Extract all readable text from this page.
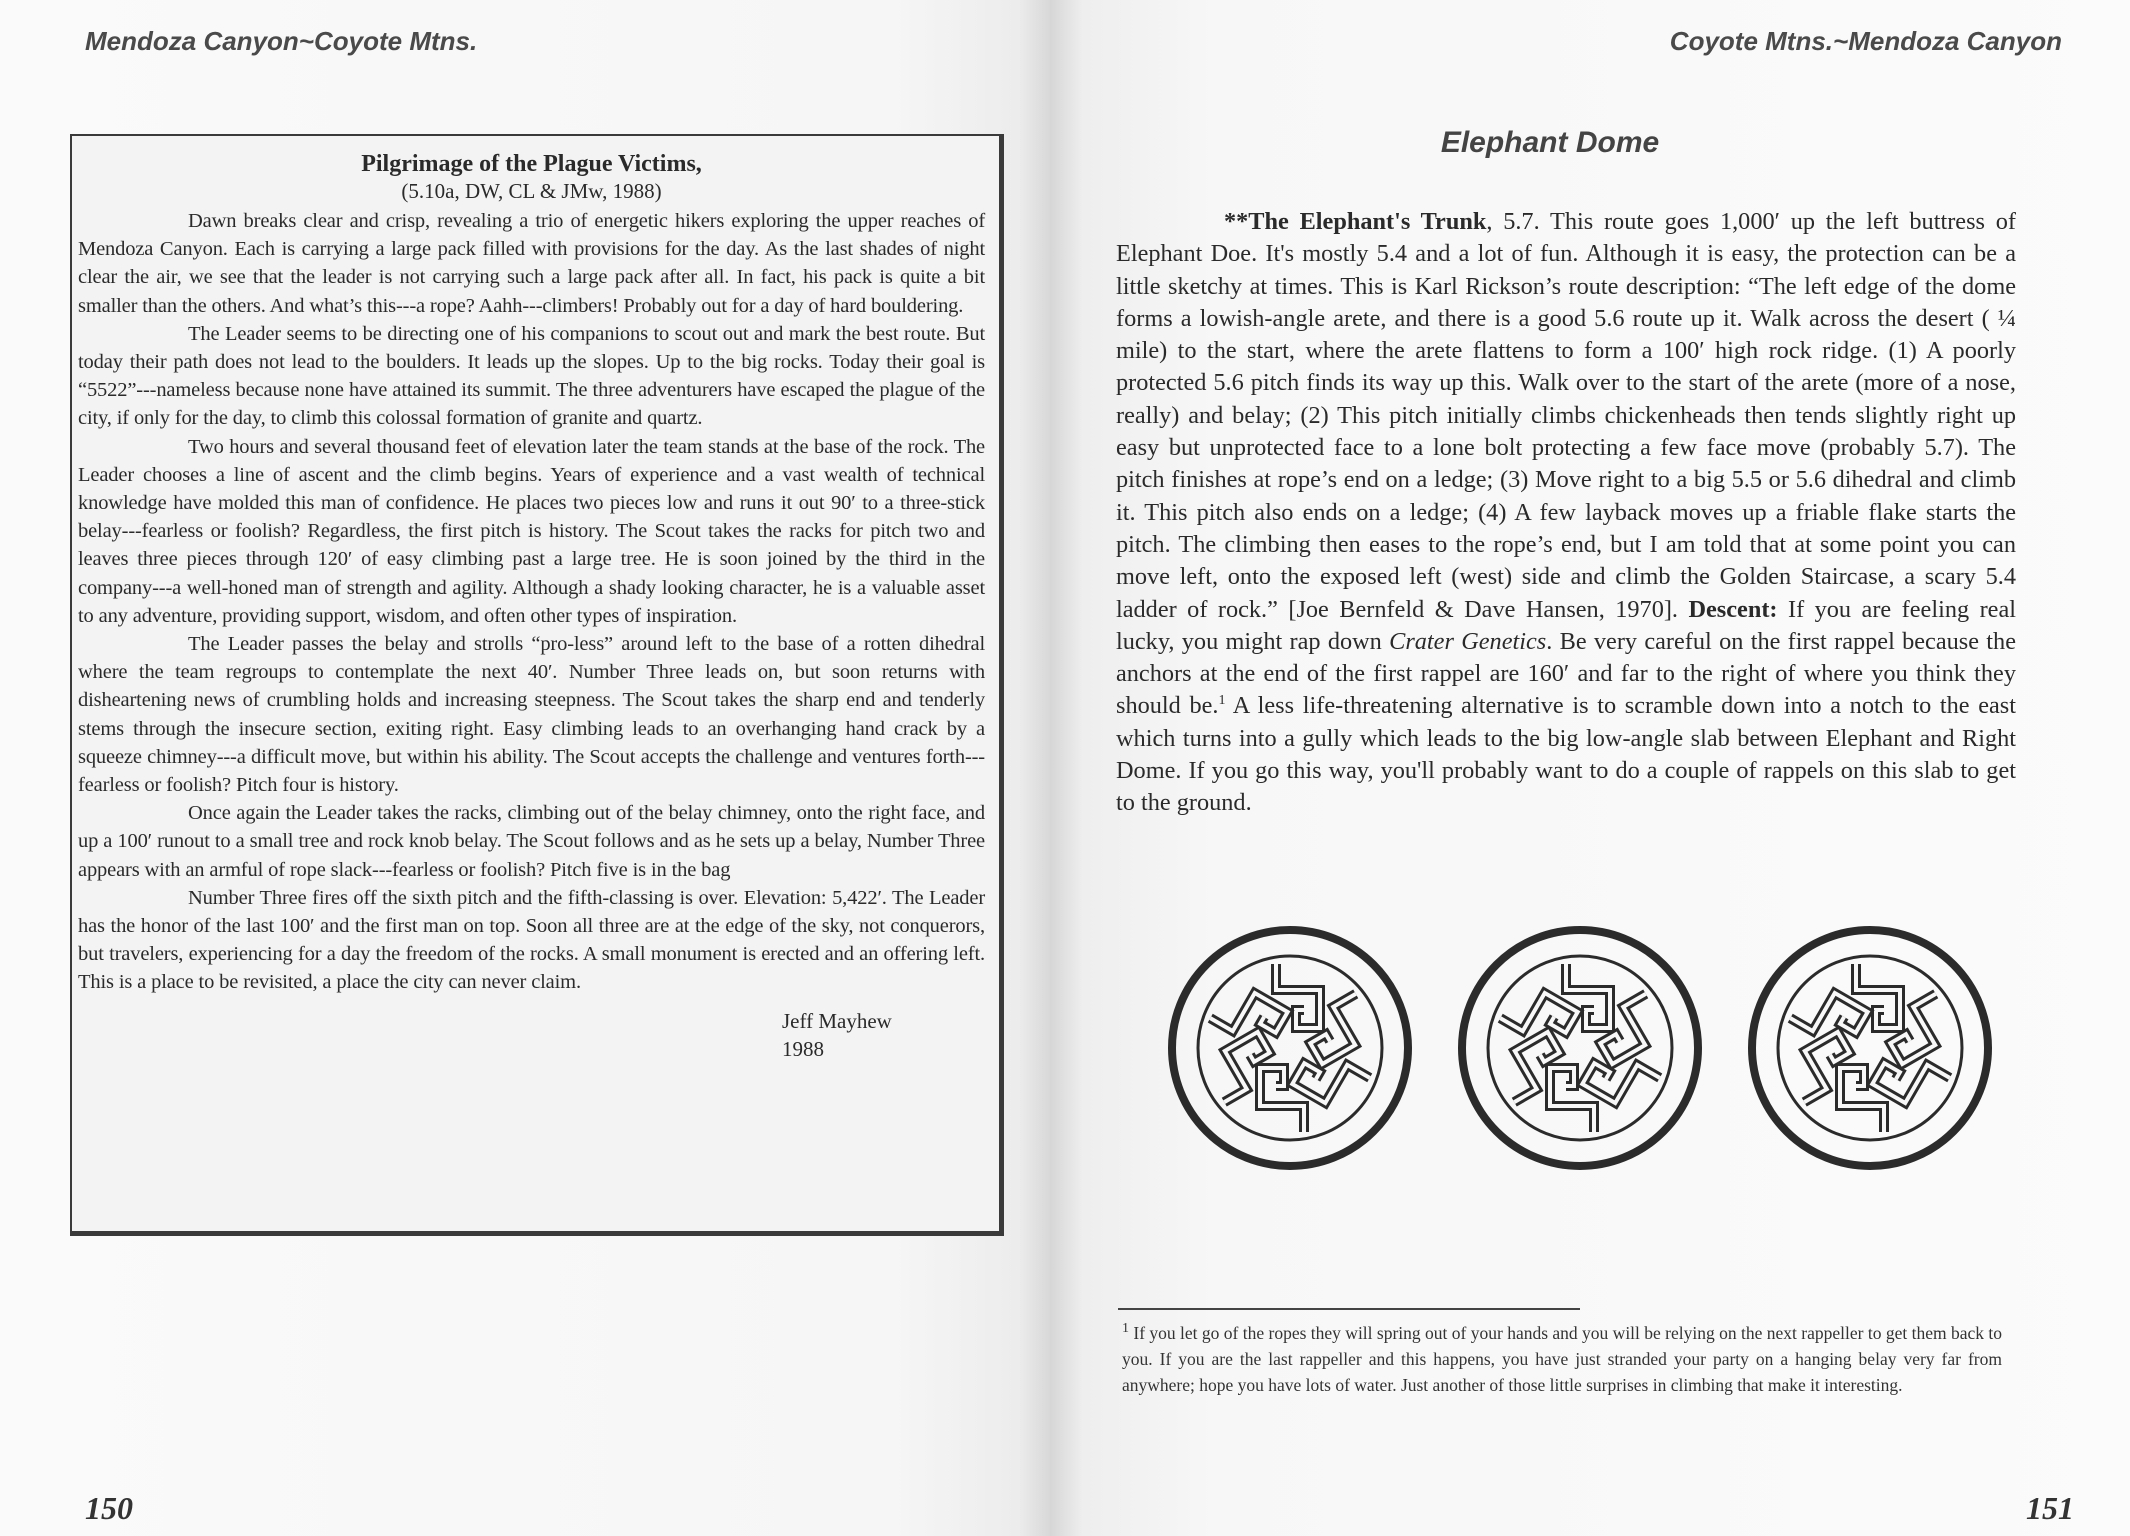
Mendoza Canyon~Coyote Mtns.

Pilgrimage of the Plague Victims,

(5.10a, DW, CL & JMw, 1988)

Dawn breaks clear and crisp, revealing a trio of energetic hikers exploring the upper reaches of Mendoza Canyon. Each is carrying a large pack filled with provisions for the day. As the last shades of night clear the air, we see that the leader is not carrying such a large pack after all. In fact, his pack is quite a bit smaller than the others. And what’s this---a rope? Aahh---climbers! Probably out for a day of hard bouldering.

The Leader seems to be directing one of his companions to scout out and mark the best route. But today their path does not lead to the boulders. It leads up the slopes. Up to the big rocks. Today their goal is “5522”---nameless because none have attained its summit. The three adventurers have escaped the plague of the city, if only for the day, to climb this colossal formation of granite and quartz.

Two hours and several thousand feet of elevation later the team stands at the base of the rock. The Leader chooses a line of ascent and the climb begins. Years of experience and a vast wealth of technical knowledge have molded this man of confidence. He places two pieces low and runs it out 90′ to a three-stick belay---fearless or foolish? Regardless, the first pitch is history. The Scout takes the racks for pitch two and leaves three pieces through 120′ of easy climbing past a large tree. He is soon joined by the third in the company---a well-honed man of strength and agility. Although a shady looking character, he is a valuable asset to any adventure, providing support, wisdom, and often other types of inspiration.

The Leader passes the belay and strolls “pro-less” around left to the base of a rotten dihedral where the team regroups to contemplate the next 40′. Number Three leads on, but soon returns with disheartening news of crumbling holds and increasing steepness. The Scout takes the sharp end and tenderly stems through the insecure section, exiting right. Easy climbing leads to an overhanging hand crack by a squeeze chimney---a difficult move, but within his ability. The Scout accepts the challenge and ventures forth---fearless or foolish? Pitch four is history.

Once again the Leader takes the racks, climbing out of the belay chimney, onto the right face, and up a 100′ runout to a small tree and rock knob belay. The Scout follows and as he sets up a belay, Number Three appears with an armful of rope slack---fearless or foolish? Pitch five is in the bag

Number Three fires off the sixth pitch and the fifth-classing is over. Elevation: 5,422′. The Leader has the honor of the last 100′ and the first man on top. Soon all three are at the edge of the sky, not conquerors, but travelers, experiencing for a day the freedom of the rocks. A small monument is erected and an offering left. This is a place to be revisited, a place the city can never claim.

Jeff Mayhew
1988
150
Coyote Mtns.~Mendoza Canyon
Elephant Dome

**The Elephant's Trunk, 5.7. This route goes 1,000′ up the left buttress of Elephant Doe. It's mostly 5.4 and a lot of fun. Although it is easy, the protection can be a little sketchy at times. This is Karl Rickson’s route description: “The left edge of the dome forms a lowish-angle arete, and there is a good 5.6 route up it. Walk across the desert ( ¼ mile) to the start, where the arete flattens to form a 100′ high rock ridge. (1) A poorly protected 5.6 pitch finds its way up this. Walk over to the start of the arete (more of a nose, really) and belay; (2) This pitch initially climbs chickenheads then tends slightly right up easy but unprotected face to a lone bolt protecting a few face move (probably 5.7). The pitch finishes at rope’s end on a ledge; (3) Move right to a big 5.5 or 5.6 dihedral and climb it. This pitch also ends on a ledge; (4) A few layback moves up a friable flake starts the pitch. The climbing then eases to the rope’s end, but I am told that at some point you can move left, onto the exposed left (west) side and climb the Golden Staircase, a scary 5.4 ladder of rock.” [Joe Bernfeld & Dave Hansen, 1970]. Descent: If you are feeling real lucky, you might rap down Crater Genetics. Be very careful on the first rappel because the anchors at the end of the first rappel are 160′ and far to the right of where you think they should be.$^1$ A less life-threatening alternative is to scramble down into a notch to the east which turns into a gully which leads to the big low-angle slab between Elephant and Right Dome. If you go this way, you'll probably want to do a couple of rappels on this slab to get to the ground.

$^1$ If you let go of the ropes they will spring out of your hands and you will be relying on the next rappeller to get them back to you. If you are the last rappeller and this happens, you have just stranded your party on a hanging belay very far from anywhere; hope you have lots of water. Just another of those little surprises in climbing that make it interesting.

151
